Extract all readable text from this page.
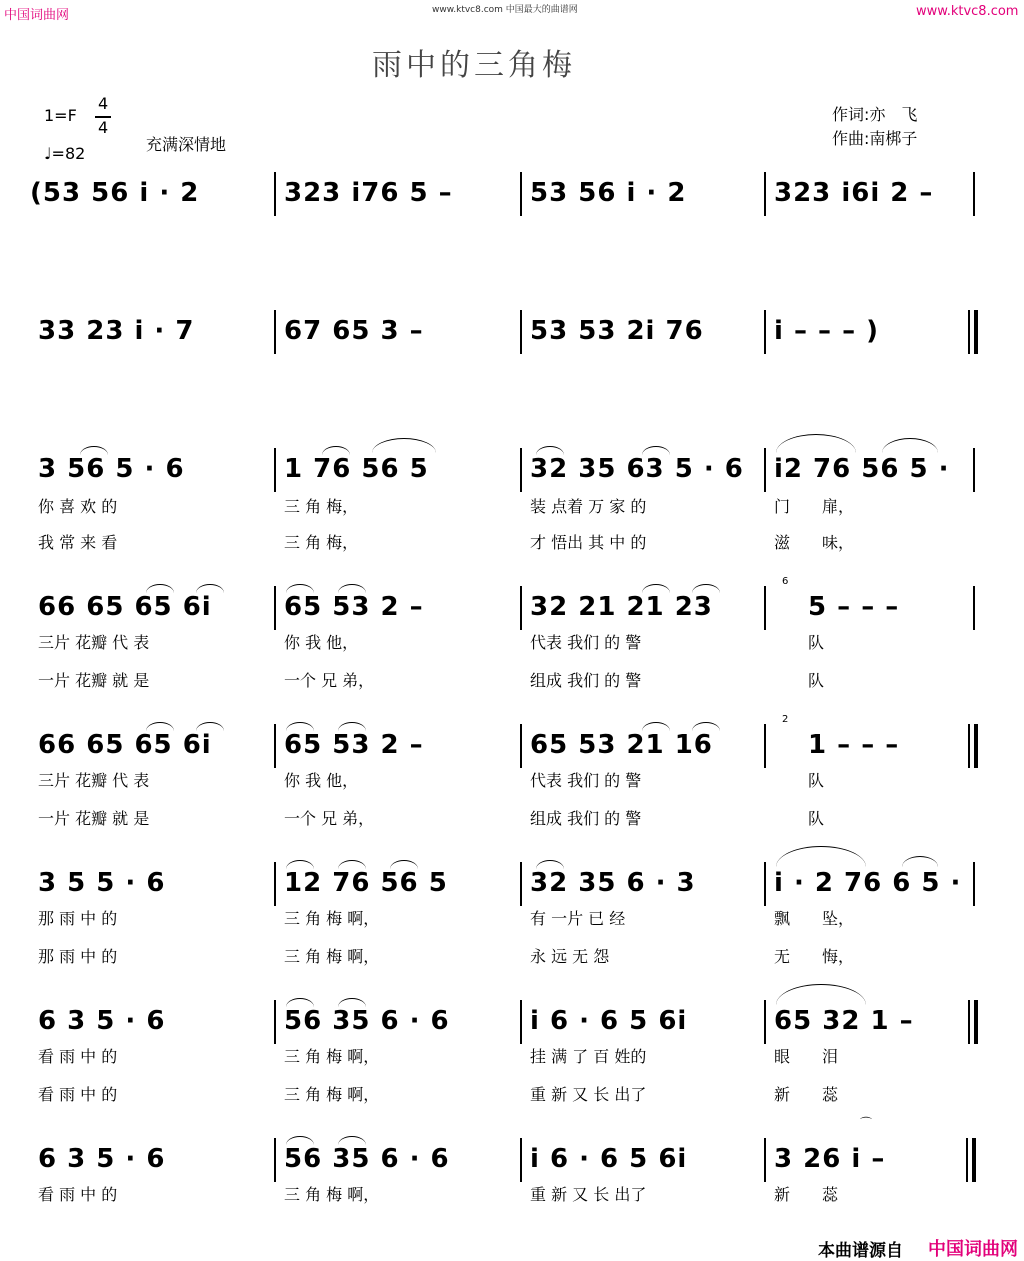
中国词曲网	www.ktvc8.com 中国最大的曲谱网	www.ktvc8.com
雨中的三角梅
1=F
4
4
♩=82	充满深情地
作词:亦　飞
作曲:南梆子
(53 56 i · 2	323 i76 5 –	53 56 i · 2	323 i6i 2 –
33 23 i · 7	67 65 3 –	53 53 2i 76	i – – – )
3 56 5 · 6	1 76 56 5	32 35 63 5 · 6 i2 76 56 5 ·
你 喜 欢 的	三 角 梅，	装 点着 万 家 的	门　　扉，
我 常 来 看	三 角 梅，	才 悟出 其 中 的	滋　　味，
66 65 65 6i	65 53 2 –	32 21 21 23
6
5 – – –
三片 花瓣 代 表	你 我 他，	代表 我们 的 警	队
一片 花瓣 就 是	一个 兄 弟，	组成 我们 的 警	队
66 65 65 6i	65 53 2 –	65 53 21 16
2
1 – – –
三片 花瓣 代 表	你 我 他，	代表 我们 的 警	队
一片 花瓣 就 是	一个 兄 弟，	组成 我们 的 警	队
3 5 5 · 6	12 76 56 5	32 35 6 · 3	i · 2 76 6 5 ·
那 雨 中 的	三 角 梅 啊，	有 一片 已 经	飘　　坠，
那 雨 中 的	三 角 梅 啊，	永 远 无 怨	无　　悔，
6 3 5 · 6	56 35 6 · 6	i 6 · 6 5 6i	65 32 1 –
看 雨 中 的	三 角 梅 啊，	挂 满 了 百 姓的	眼　　泪
看 雨 中 的	三 角 梅 啊，	重 新 又 长 出了	新　　蕊
⌒
6 3 5 · 6	56 35 6 · 6	i 6 · 6 5 6i	3 26 i –
看 雨 中 的	三 角 梅 啊，	重 新 又 长 出了	新　　蕊
本曲谱源自 中国词曲网
